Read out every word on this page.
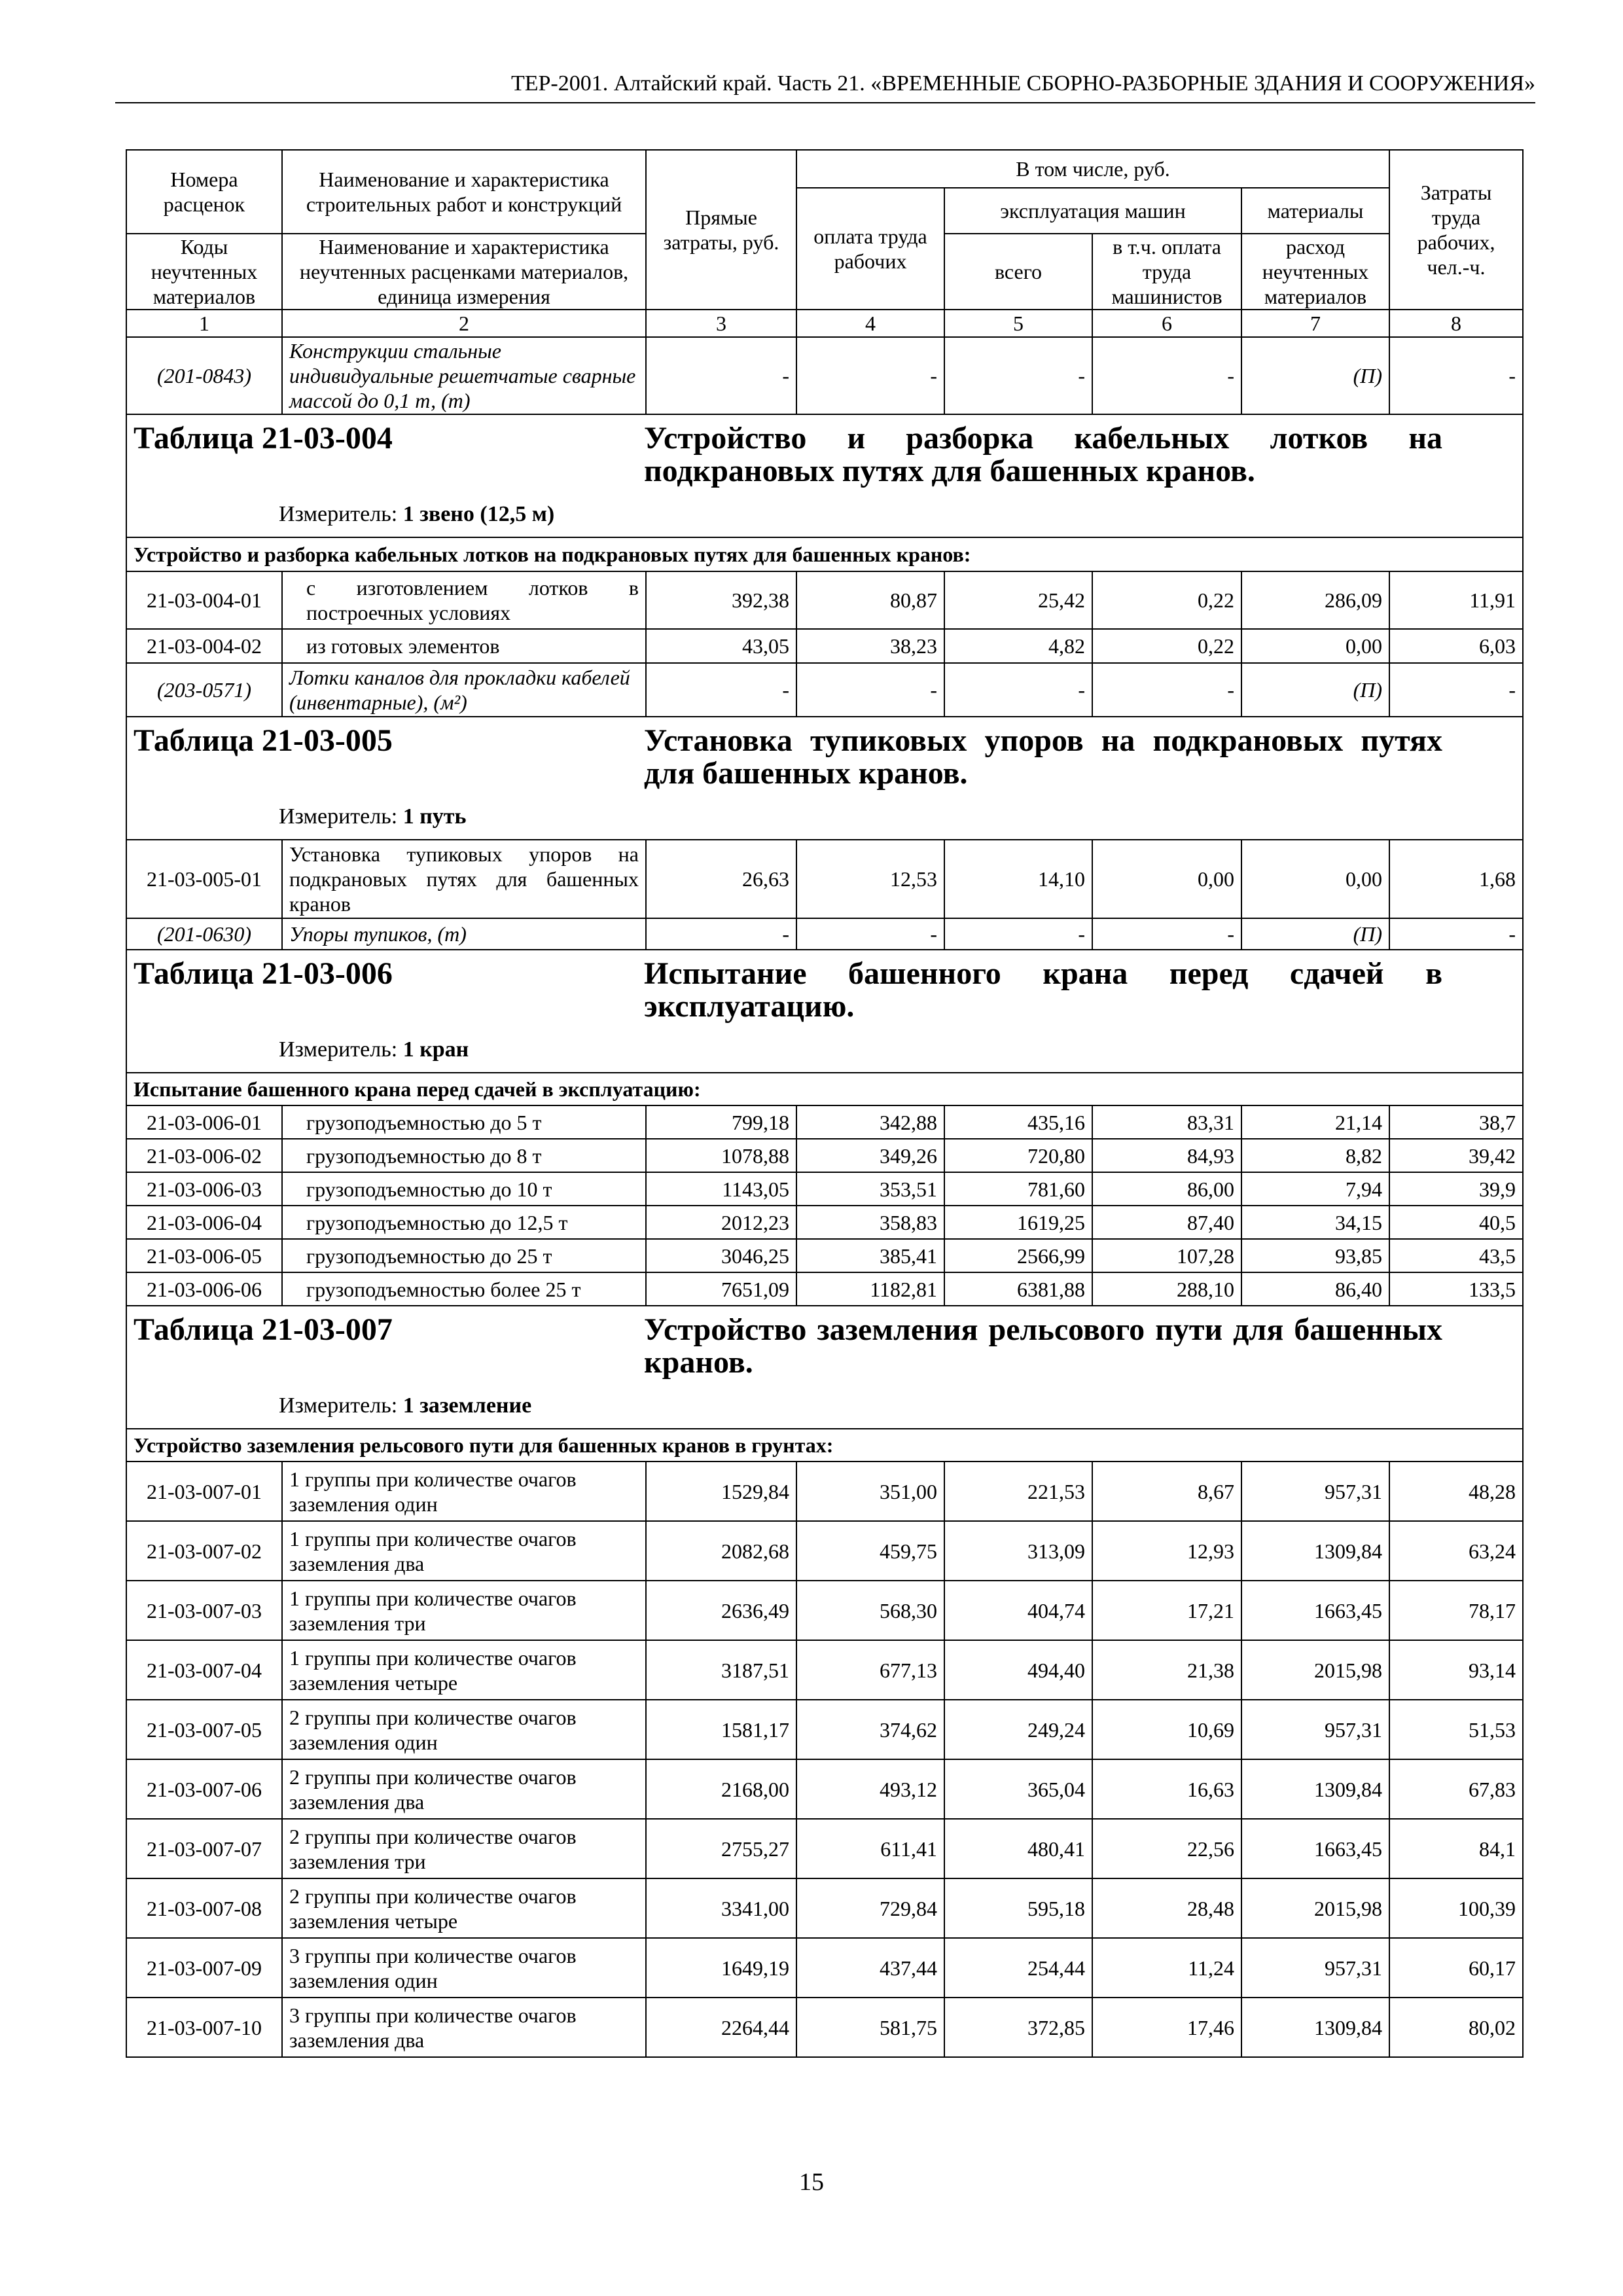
ТЕР-2001. Алтайский край. Часть 21. «ВРЕМЕННЫЕ СБОРНО-РАЗБОРНЫЕ ЗДАНИЯ И СООРУЖЕНИЯ»
Номера расценок	Наименование и характеристика строительных работ и конструкций	Прямые затраты, руб.	В том числе, руб.				Затраты труда рабочих, чел.-ч.
			оплата труда рабочих	эксплуатация машин		материалы	
Коды неучтенных материалов	Наименование и характеристика неучтенных расценками материалов, единица измерения			всего	в т.ч. оплата труда машинистов	расход неучтенных материалов	
1	2	3	4	5	6	7	8
(201-0843)	Конструкции стальные индивидуальные решетчатые сварные массой до 0,1 т, (т)	-	-	-	-	(П)	-

Таблица 21-03-004 Устройство и разборка кабельных лотков на подкрановых путях для башенных кранов.
Измеритель: 1 звено (12,5 м)							

Устройство и разборка кабельных лотков на подкрановых путях для башенных кранов:							
21-03-004-01	с изготовлением лотков в построечных условиях	392,38	80,87	25,42	0,22	286,09	11,91
21-03-004-02	из готовых элементов	43,05	38,23	4,82	0,22	0,00	6,03
(203-0571)	Лотки каналов для прокладки кабелей (инвентарные), (м²)	-	-	-	-	(П)	-

Таблица 21-03-005 Установка тупиковых упоров на подкрановых путях для башенных кранов.
Измеритель: 1 путь							

21-03-005-01	Установка тупиковых упоров на подкрановых путях для башенных кранов	26,63	12,53	14,10	0,00	0,00	1,68
(201-0630)	Упоры тупиков, (т)	-	-	-	-	(П)	-

Таблица 21-03-006 Испытание башенного крана перед сдачей в эксплуатацию.
Измеритель: 1 кран							

Испытание башенного крана перед сдачей в эксплуатацию:							
21-03-006-01	грузоподъемностью до 5 т	799,18	342,88	435,16	83,31	21,14	38,7
21-03-006-02	грузоподъемностью до 8 т	1078,88	349,26	720,80	84,93	8,82	39,42
21-03-006-03	грузоподъемностью до 10 т	1143,05	353,51	781,60	86,00	7,94	39,9
21-03-006-04	грузоподъемностью до 12,5 т	2012,23	358,83	1619,25	87,40	34,15	40,5
21-03-006-05	грузоподъемностью до 25 т	3046,25	385,41	2566,99	107,28	93,85	43,5
21-03-006-06	грузоподъемностью более 25 т	7651,09	1182,81	6381,88	288,10	86,40	133,5

Таблица 21-03-007 Устройство заземления рельсового пути для башенных кранов.
Измеритель: 1 заземление							

Устройство заземления рельсового пути для башенных кранов в грунтах:							
21-03-007-01	1 группы при количестве очагов заземления один	1529,84	351,00	221,53	8,67	957,31	48,28
21-03-007-02	1 группы при количестве очагов заземления два	2082,68	459,75	313,09	12,93	1309,84	63,24
21-03-007-03	1 группы при количестве очагов заземления три	2636,49	568,30	404,74	17,21	1663,45	78,17
21-03-007-04	1 группы при количестве очагов заземления четыре	3187,51	677,13	494,40	21,38	2015,98	93,14
21-03-007-05	2 группы при количестве очагов заземления один	1581,17	374,62	249,24	10,69	957,31	51,53
21-03-007-06	2 группы при количестве очагов заземления два	2168,00	493,12	365,04	16,63	1309,84	67,83
21-03-007-07	2 группы при количестве очагов заземления три	2755,27	611,41	480,41	22,56	1663,45	84,1
21-03-007-08	2 группы при количестве очагов заземления четыре	3341,00	729,84	595,18	28,48	2015,98	100,39
21-03-007-09	3 группы при количестве очагов заземления один	1649,19	437,44	254,44	11,24	957,31	60,17
21-03-007-10	3 группы при количестве очагов заземления два	2264,44	581,75	372,85	17,46	1309,84	80,02
15
